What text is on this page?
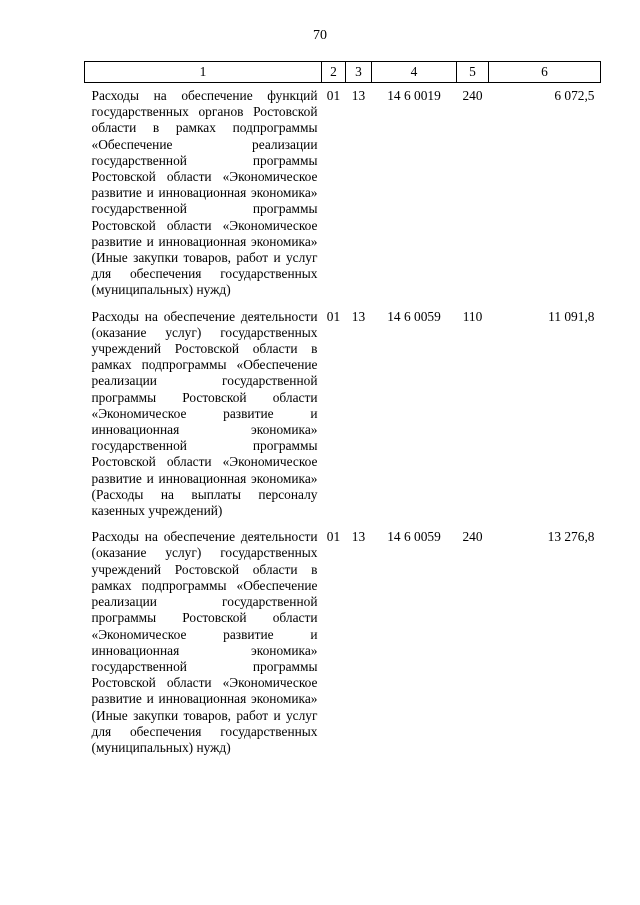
70
1	2	3	4	5	6
Расходы на обеспечение функций государственных органов Ростовской области в рамках подпрограммы «Обеспечение реализации государственной программы Ростовской области «Экономическое развитие и инновационная экономика» государственной программы Ростовской области «Экономическое развитие и инновационная экономика» (Иные закупки товаров, работ и услуг для обеспечения государственных (муниципальных) нужд)	01	13	14 6 0019	240	6 072,5
Расходы на обеспечение деятельности (оказание услуг) государственных учреждений Ростовской области в рамках подпрограммы «Обеспечение реализации государственной программы Ростовской области «Экономическое развитие и инновационная экономика» государственной программы Ростовской области «Экономическое развитие и инновационная экономика» (Расходы на выплаты персоналу казенных учреждений)	01	13	14 6 0059	110	11 091,8
Расходы на обеспечение деятельности (оказание услуг) государственных учреждений Ростовской области в рамках подпрограммы «Обеспечение реализации государственной программы Ростовской области «Экономическое развитие и инновационная экономика» государственной программы Ростовской области «Экономическое развитие и инновационная экономика» (Иные закупки товаров, работ и услуг для обеспечения государственных (муниципальных) нужд)	01	13	14 6 0059	240	13 276,8
